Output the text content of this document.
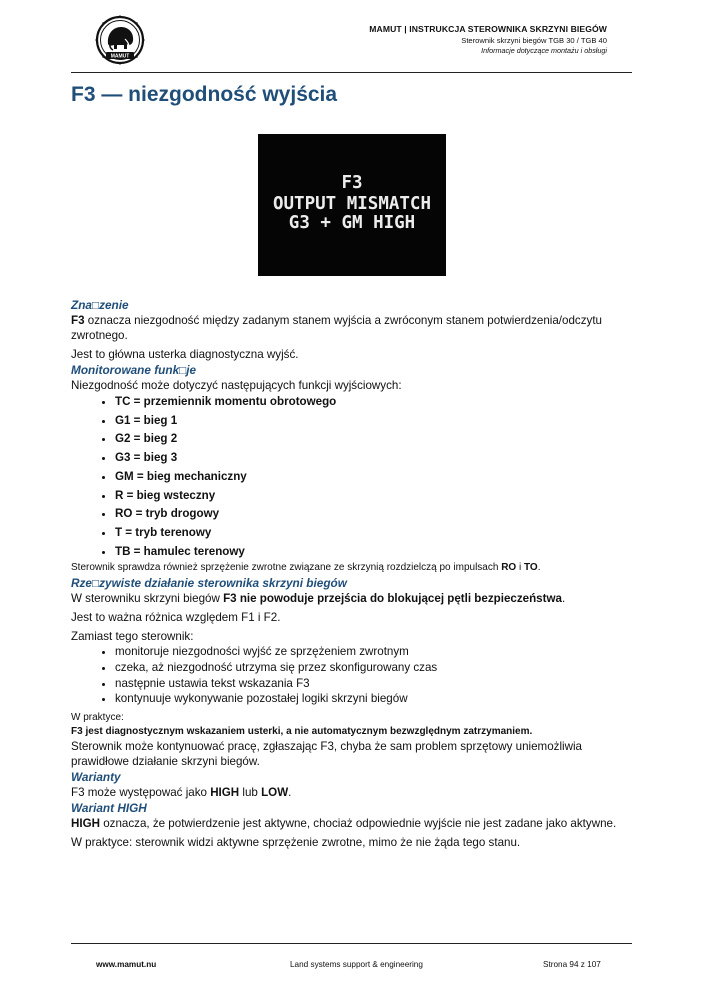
MAMUT
MAMUT | INSTRUKCJA STEROWNIKA SKRZYNI BIEGÓW
Sterownik skrzyni biegów TGB 30 / TGB 40
Informacje dotyczące montażu i obsługi
F3 — niezgodność wyjścia
F3
OUTPUT MISMATCH
G3 + GM HIGH
Zna□zenie

F3 oznacza niezgodność między zadanym stanem wyjścia a zwróconym stanem potwierdzenia/odczytu zwrotnego.

Jest to główna usterka diagnostyczna wyjść.

Monitorowane funk□je

Niezgodność może dotyczyć następujących funkcji wyjściowych:

• TC = przemiennik momentu obrotowego
• G1 = bieg 1
• G2 = bieg 2
• G3 = bieg 3
• GM = bieg mechaniczny
• R = bieg wsteczny
• RO = tryb drogowy
• T = tryb terenowy
• TB = hamulec terenowy

Sterownik sprawdza również sprzężenie zwrotne związane ze skrzynią rozdzielczą po impulsach RO i TO.

Rze□zywiste działanie sterownika skrzyni biegów

W sterowniku skrzyni biegów F3 nie powoduje przejścia do blokującej pętli bezpieczeństwa.

Jest to ważna różnica względem F1 i F2.

Zamiast tego sterownik:

• monitoruje niezgodności wyjść ze sprzężeniem zwrotnym
• czeka, aż niezgodność utrzyma się przez skonfigurowany czas
• następnie ustawia tekst wskazania F3
• kontynuuje wykonywanie pozostałej logiki skrzyni biegów

W praktyce:

F3 jest diagnostycznym wskazaniem usterki, a nie automatycznym bezwzględnym zatrzymaniem.

Sterownik może kontynuować pracę, zgłaszając F3, chyba że sam problem sprzętowy uniemożliwia prawidłowe działanie skrzyni biegów.

Warianty

F3 może występować jako HIGH lub LOW.

Wariant HIGH

HIGH oznacza, że potwierdzenie jest aktywne, chociaż odpowiednie wyjście nie jest zadane jako aktywne.

W praktyce: sterownik widzi aktywne sprzężenie zwrotne, mimo że nie żąda tego stanu.

www.mamut.nu	Land systems support & engineering	Strona 94 z 107
